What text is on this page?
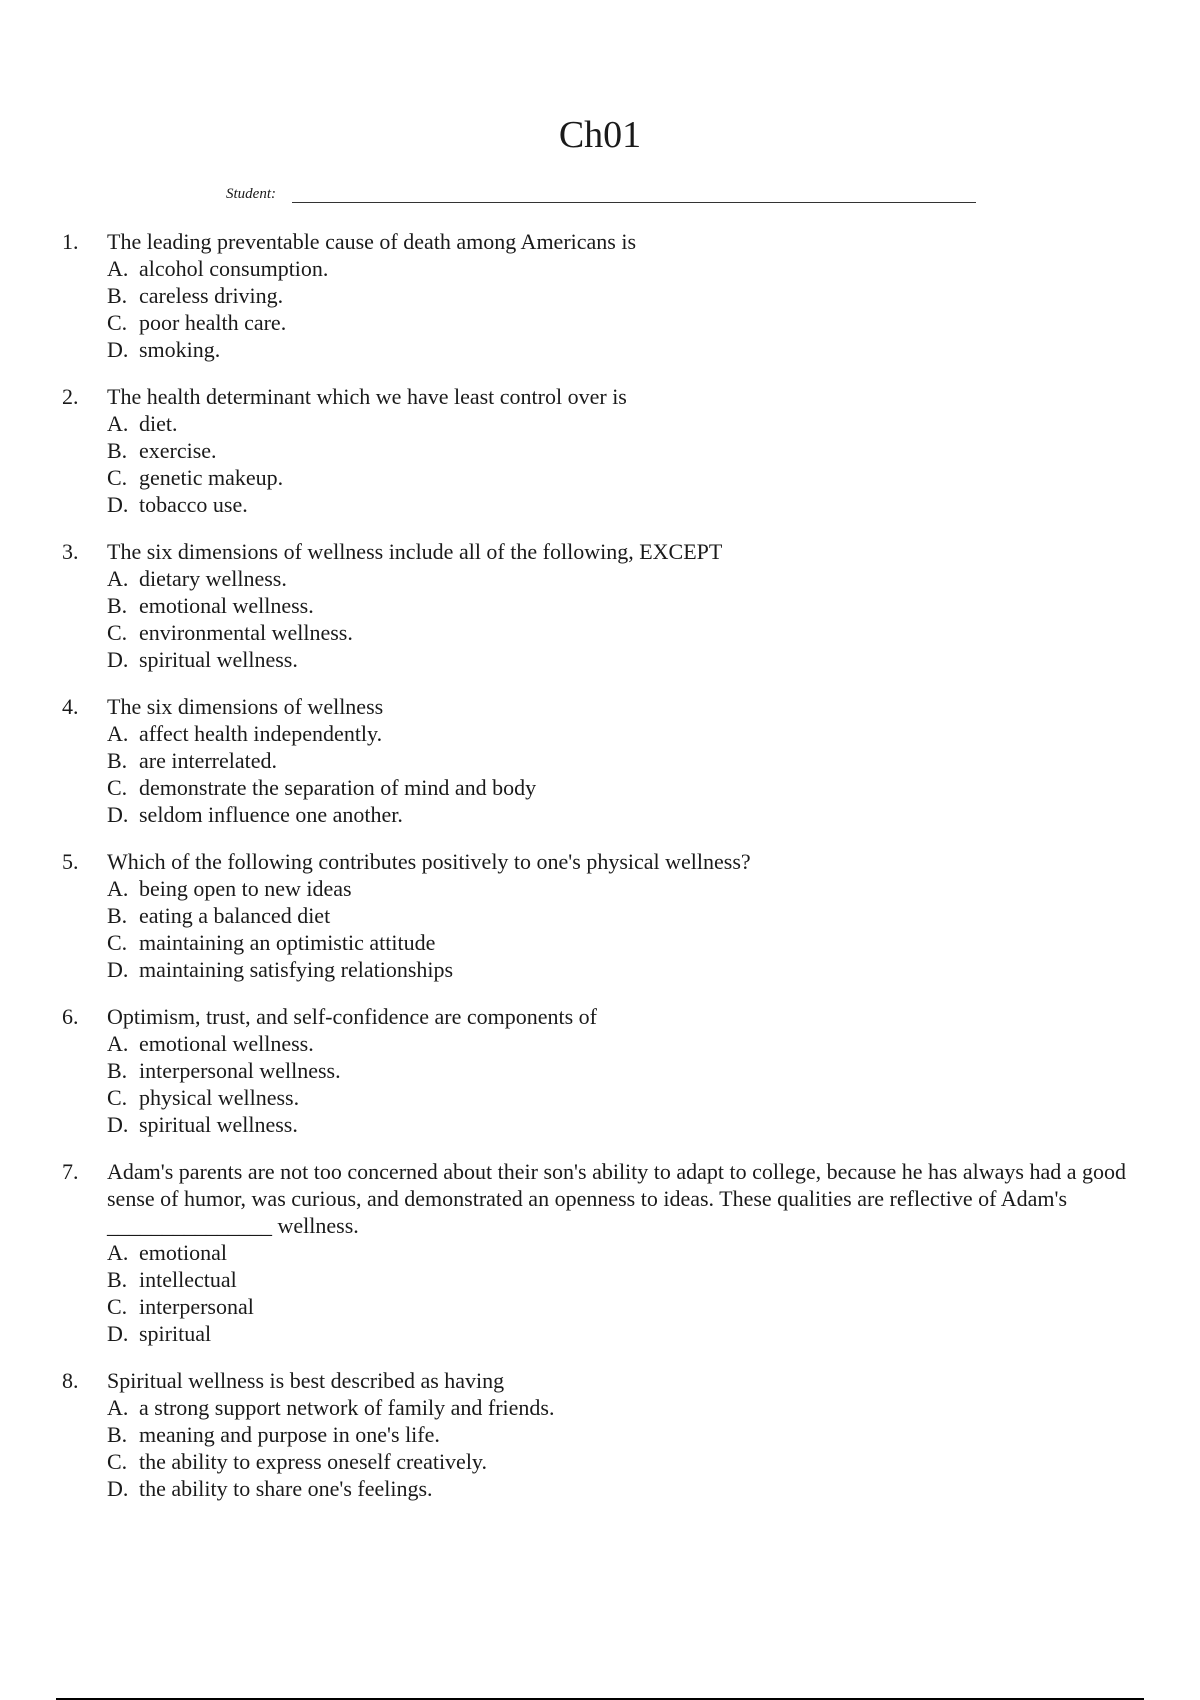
Ch01
Student:
1.	The leading preventable cause of death among Americans is
A. alcohol consumption.
B. careless driving.
C. poor health care.
D. smoking.
2.	The health determinant which we have least control over is
A. diet.
B. exercise.
C. genetic makeup.
D. tobacco use.
3.	The six dimensions of wellness include all of the following, EXCEPT
A. dietary wellness.
B. emotional wellness.
C. environmental wellness.
D. spiritual wellness.
4.	The six dimensions of wellness
A. affect health independently.
B. are interrelated.
C. demonstrate the separation of mind and body
D. seldom influence one another.
5.	Which of the following contributes positively to one's physical wellness?
A. being open to new ideas
B. eating a balanced diet
C. maintaining an optimistic attitude
D. maintaining satisfying relationships
6.	Optimism, trust, and self-confidence are components of
A. emotional wellness.
B. interpersonal wellness.
C. physical wellness.
D. spiritual wellness.
7.	Adam's parents are not too concerned about their son's ability to adapt to college, because he has always had a good sense of humor, was curious, and demonstrated an openness to ideas. These qualities are reflective of Adam's _______________ wellness.
A. emotional
B. intellectual
C. interpersonal
D. spiritual
8.	Spiritual wellness is best described as having
A. a strong support network of family and friends.
B. meaning and purpose in one's life.
C. the ability to express oneself creatively.
D. the ability to share one's feelings.
